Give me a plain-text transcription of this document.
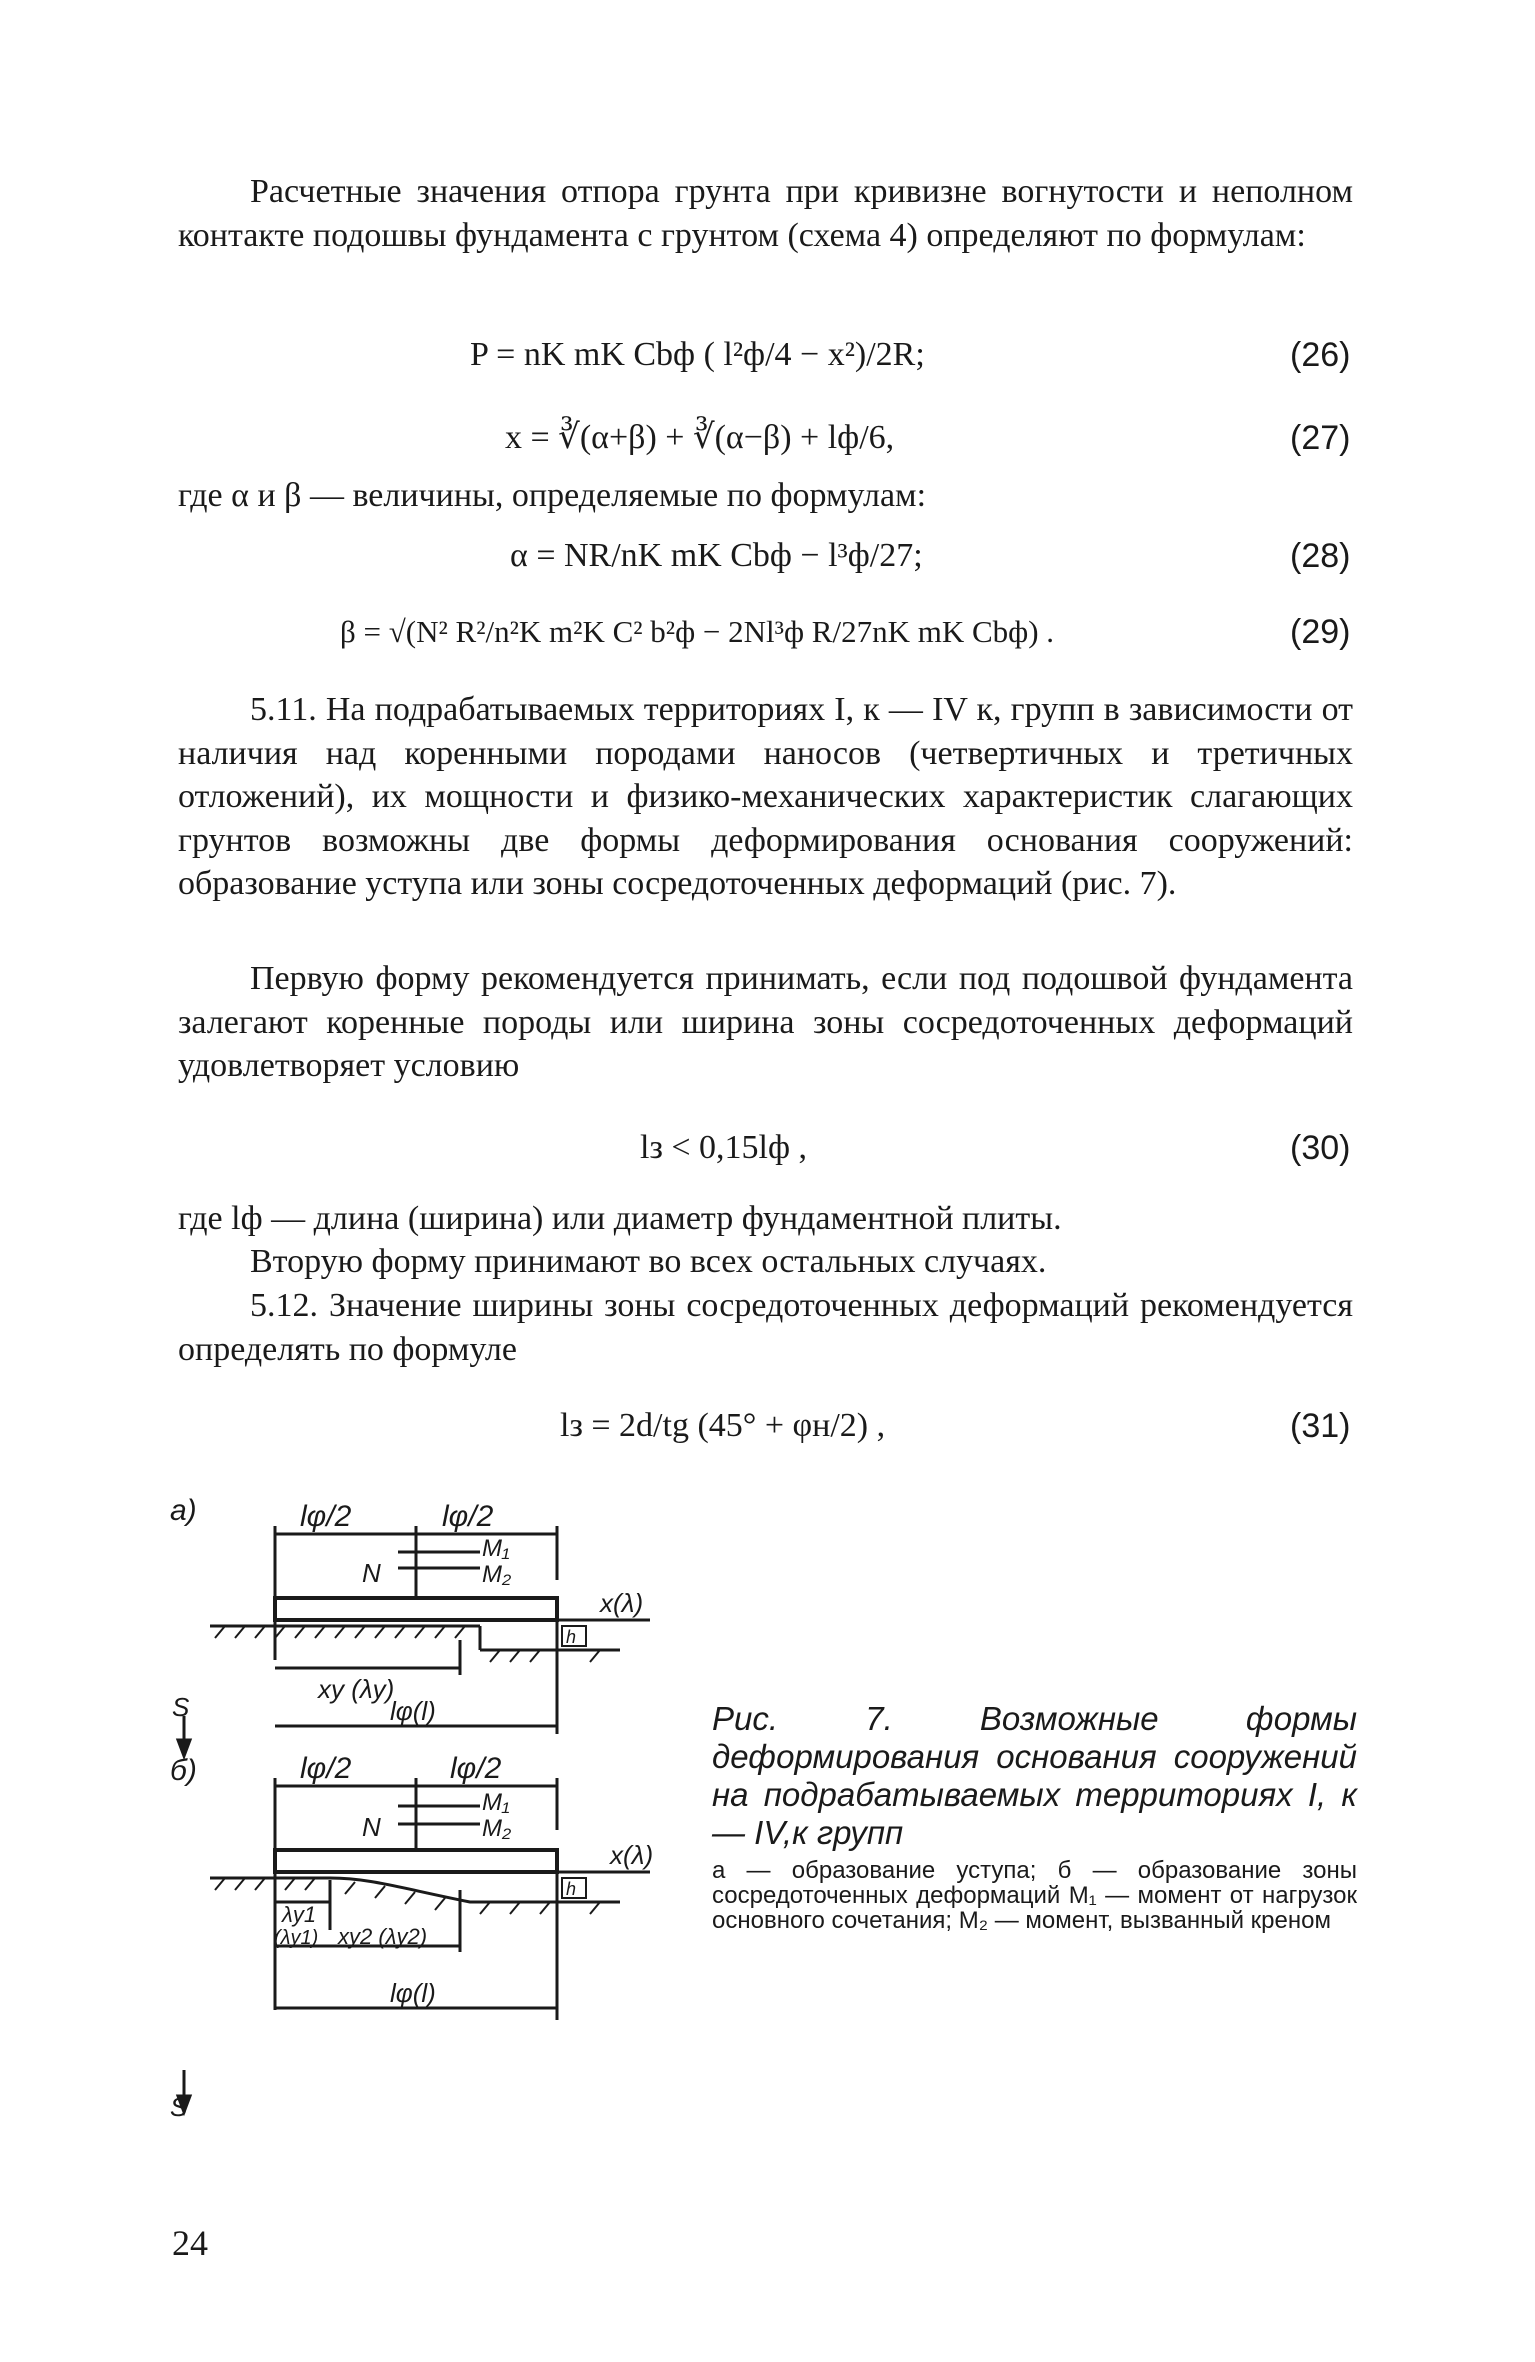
Расчетные значения отпора грунта при кривизне вогнутости и неполном контакте подошвы фундамента с грунтом (схема 4) определяют по формулам:

P = nK mK Cbф ( l²ф/4 − x²)/2R;	(26)
x = ∛(α+β) + ∛(α−β) + lф/6,	(27)

где α и β — величины, определяемые по формулам:

α = NR/nK mK Cbф − l³ф/27;	(28)
β = √(N² R²/n²K m²K C² b²ф − 2Nl³ф R/27nK mK Cbф) .	(29)

5.11. На подрабатываемых территориях I, к — IV к, групп в зависимости от наличия над коренными породами наносов (четвертичных и третичных отложений), их мощности и физико-механических характеристик слагающих грунтов возможны две формы деформирования основания сооружений: образование уступа или зоны сосредоточенных деформаций (рис. 7).

Первую форму рекомендуется принимать, если под подошвой фундамента залегают коренные породы или ширина зоны сосредоточенных деформаций удовлетворяет условию

lз < 0,15lф ,	(30)

где lф — длина (ширина) или диаметр фундаментной плиты.

Вторую форму принимают во всех остальных случаях.

5.12. Значение ширины зоны сосредоточенных деформаций рекомендуется определять по формуле

lз = 2d/tg (45° + φн/2) ,	(31)
а)	lφ/2	lφ/2
M₁
M₂
N
x(λ)
h
xy (λy)
lφ(l)
S
б)	lφ/2	lφ/2
M₁
M₂
N
x(λ)
h
λy1
(λy1) xy2 (λy2)
lφ(l)
S

Рис. 7. Возможные формы деформирования основания сооружений на подрабатываемых территориях I, к — IV,к групп

а — образование уступа; б — образование зоны сосредоточенных деформаций M₁ — момент от нагрузок основного сочетания; M₂ — момент, вызванный креном

24
